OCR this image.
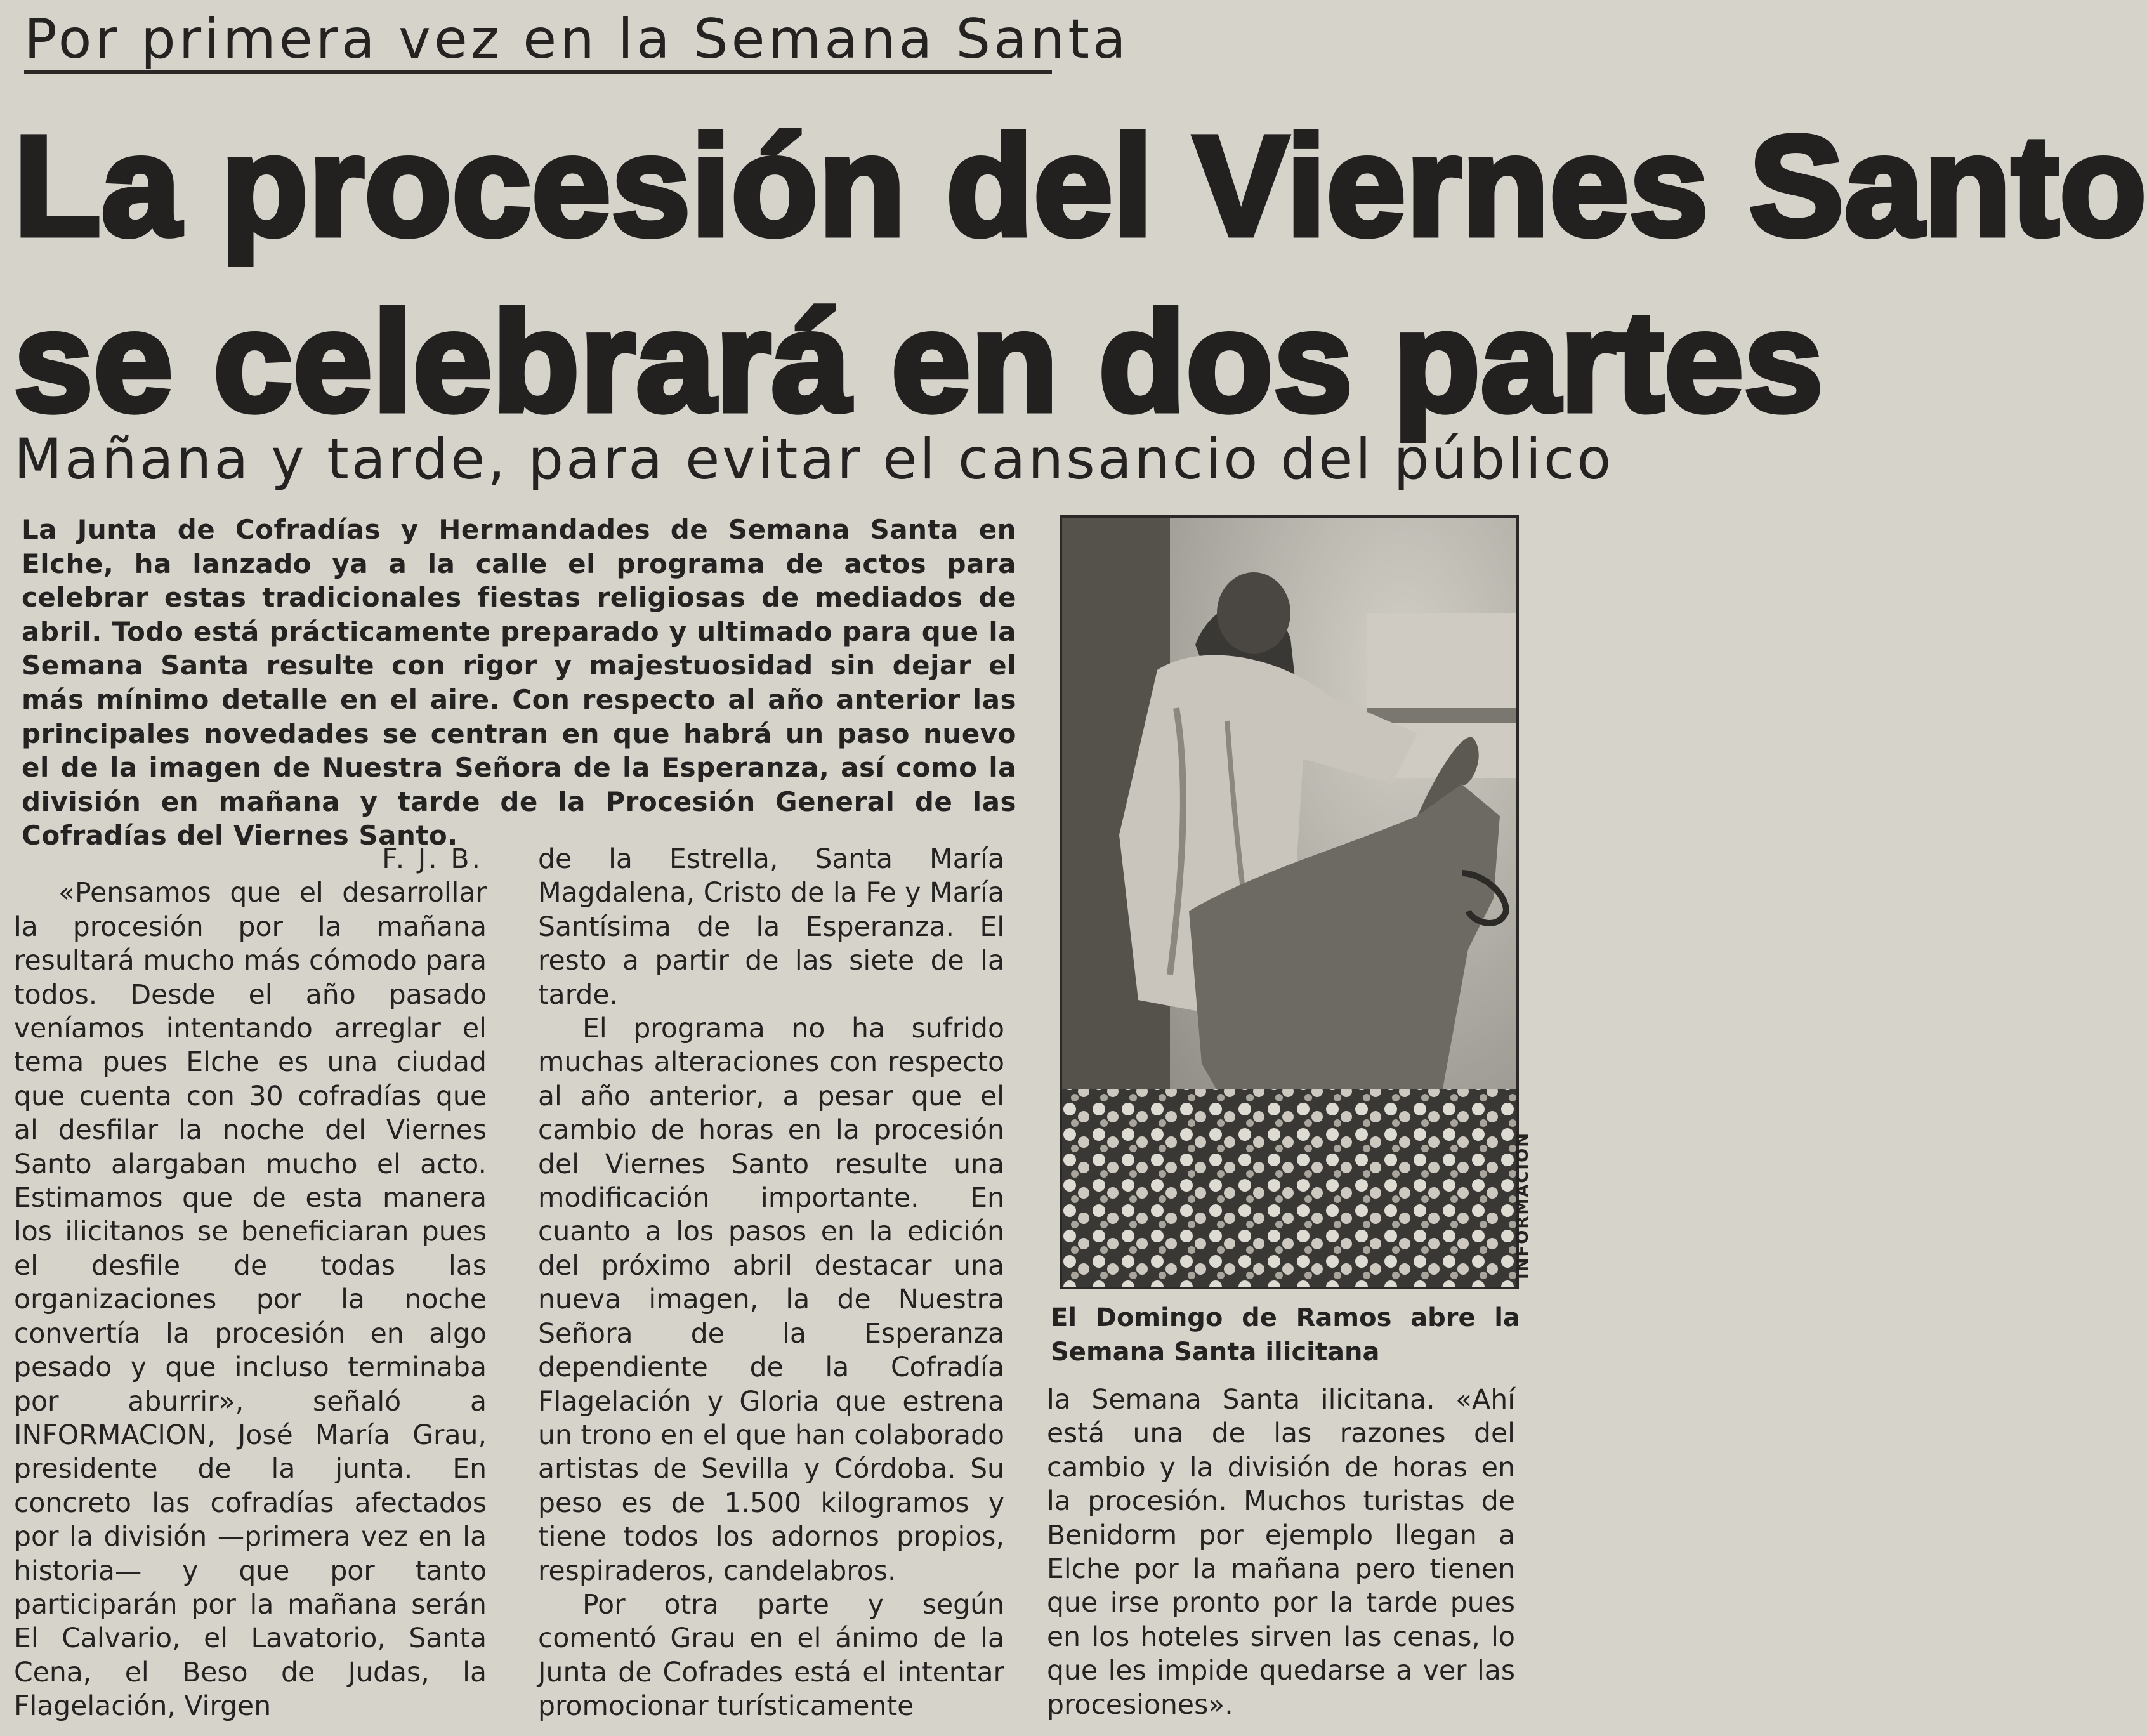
Por primera vez en la Semana Santa
La procesión del Viernes Santo
se celebrará en dos partes
Mañana y tarde, para evitar el cansancio del público
La Junta de Cofradías y Hermandades de Semana Santa en Elche, ha lanzado ya a la calle el programa de actos para celebrar estas tradicionales fiestas religiosas de mediados de abril. Todo está prácticamente preparado y ultimado para que la Semana Santa resulte con rigor y majestuosidad sin dejar el más mínimo detalle en el aire. Con respecto al año anterior las principales novedades se centran en que habrá un paso nuevo el de la imagen de Nuestra Señora de la Esperanza, así como la división en mañana y tarde de la Procesión General de las Cofradías del Viernes Santo.
F. J. B.

«Pensamos que el desarrollar la procesión por la mañana resultará mucho más cómodo para todos. Desde el año pasado veníamos intentando arreglar el tema pues Elche es una ciudad que cuenta con 30 cofradías que al desfilar la noche del Viernes Santo alargaban mucho el acto. Estimamos que de esta manera los ilicitanos se beneficiaran pues el desfile de todas las organizaciones por la noche convertía la procesión en algo pesado y que incluso terminaba por aburrir», señaló a INFORMACION, José María Grau, presidente de la junta. En concreto las cofradías afectados por la división —primera vez en la historia— y que por tanto participarán por la mañana serán El Calvario, el Lavatorio, Santa Cena, el Beso de Judas, la Flagelación, Virgen

de la Estrella, Santa María Magdalena, Cristo de la Fe y María Santísima de la Esperanza. El resto a partir de las siete de la tarde.

El programa no ha sufrido muchas alteraciones con respecto al año anterior, a pesar que el cambio de horas en la procesión del Viernes Santo resulte una modificación importante. En cuanto a los pasos en la edición del próximo abril destacar una nueva imagen, la de Nuestra Señora de la Esperanza dependiente de la Cofradía Flagelación y Gloria que estrena un trono en el que han colaborado artistas de Sevilla y Córdoba. Su peso es de 1.500 kilogramos y tiene todos los adornos propios, respiraderos, candelabros.

Por otra parte y según comentó Grau en el ánimo de la Junta de Cofrades está el intentar promocionar turísticamente

INFORMACION
El Domingo de Ramos abre la Semana Santa ilicitana

la Semana Santa ilicitana. «Ahí está una de las razones del cambio y la división de horas en la procesión. Muchos turistas de Benidorm por ejemplo llegan a Elche por la mañana pero tienen que irse pronto por la tarde pues en los hoteles sirven las cenas, lo que les impide quedarse a ver las procesiones».
